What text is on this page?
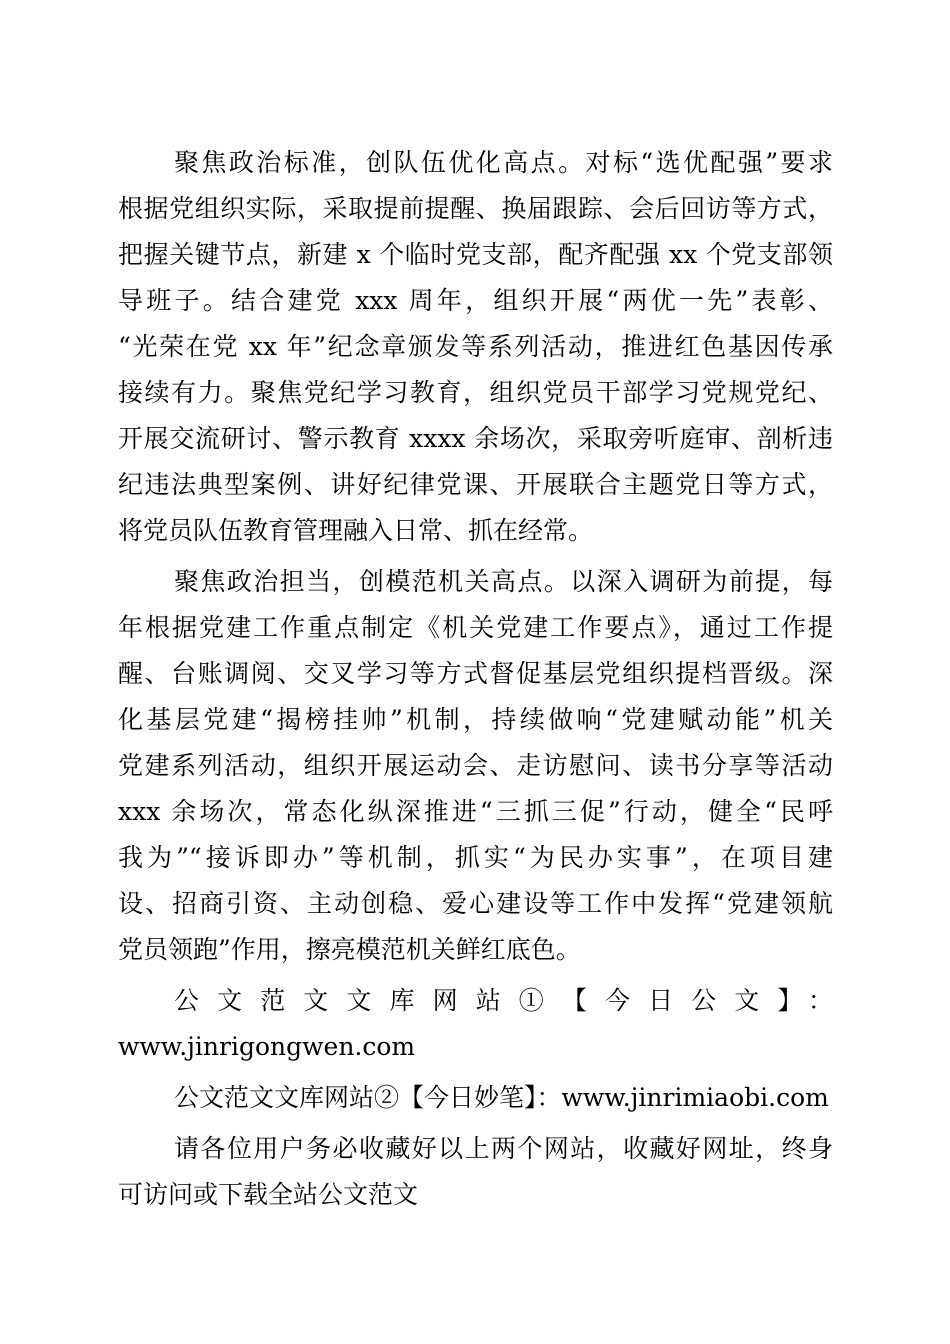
聚焦政治标准，创队伍优化高点。对标“选优配强”要求
根据党组织实际，采取提前提醒、换届跟踪、会后回访等方式，
把握关键节点，新建 x 个临时党支部，配齐配强 xx 个党支部领
导班子。结合建党 xxx 周年，组织开展“两优一先”表彰、
“光荣在党 xx 年”纪念章颁发等系列活动，推进红色基因传承
接续有力。聚焦党纪学习教育，组织党员干部学习党规党纪、
开展交流研讨、警示教育 xxxx 余场次，采取旁听庭审、剖析违
纪违法典型案例、讲好纪律党课、开展联合主题党日等方式，
将党员队伍教育管理融入日常、抓在经常。
聚焦政治担当，创模范机关高点。以深入调研为前提，每
年根据党建工作重点制定《机关党建工作要点》，通过工作提
醒、台账调阅、交叉学习等方式督促基层党组织提档晋级。深
化基层党建“揭榜挂帅”机制，持续做响“党建赋动能”机关
党建系列活动，组织开展运动会、走访慰问、读书分享等活动
xxx 余场次，常态化纵深推进“三抓三促”行动，健全“民呼
我为”“接诉即办”等机制，抓实“为民办实事”，在项目建
设、招商引资、主动创稳、爱心建设等工作中发挥“党建领航
党员领跑”作用，擦亮模范机关鲜红底色。
公文范文文库网站①【今日公文】：
www.jinrigongwen.com
公文范文文库网站②【今日妙笔】：www.jinrimiaobi.com
请各位用户务必收藏好以上两个网站，收藏好网址，终身
可访问或下载全站公文范文
